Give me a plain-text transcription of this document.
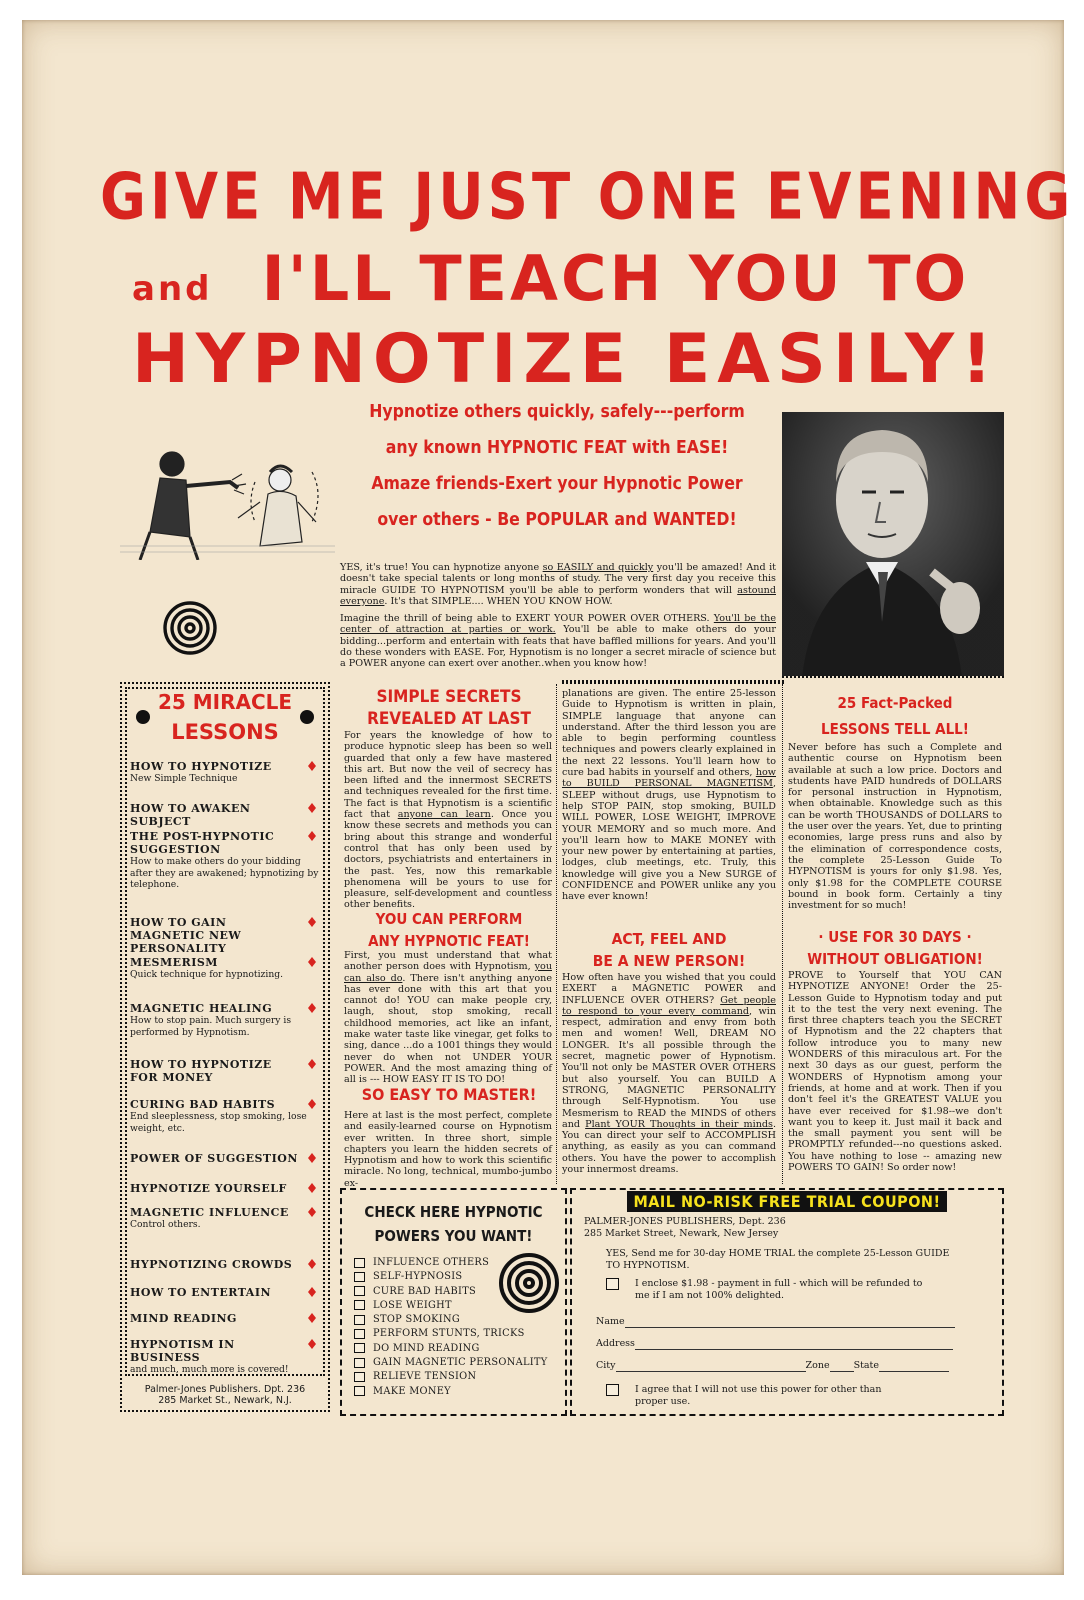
GIVE ME JUST ONE EVENING
and I'LL TEACH YOU TO
HYPNOTIZE EASILY!
Hypnotize others quickly, safely---perform
any known HYPNOTIC FEAT with EASE!
Amaze friends-Exert your Hypnotic Power
over others - Be POPULAR and WANTED!

YES, it's true! You can hypnotize anyone so EASILY and quickly you'll be amazed! And it doesn't take special talents or long months of study. The very first day you receive this miracle GUIDE TO HYPNOTISM you'll be able to perform wonders that will astound everyone. It's that SIMPLE.... WHEN YOU KNOW HOW.

Imagine the thrill of being able to EXERT YOUR POWER OVER OTHERS. You'll be the center of attraction at parties or work. You'll be able to make others do your bidding...perform and entertain with feats that have baffled millions for years. And you'll do these wonders with EASE. For, Hypnotism is no longer a secret miracle of science but a POWER anyone can exert over another..when you know how!

25 MIRACLE
LESSONS
HOW TO HYPNOTIZE
New Simple Technique
HOW TO AWAKEN SUBJECT
THE POST-HYPNOTIC SUGGESTION
How to make others do your bidding after they are awakened; hypnotizing by telephone.
HOW TO GAIN MAGNETIC NEW PERSONALITY
MESMERISM
Quick technique for hypnotizing.
MAGNETIC HEALING
How to stop pain. Much surgery is performed by Hypnotism.
HOW TO HYPNOTIZE FOR MONEY
CURING BAD HABITS
End sleeplessness, stop smoking, lose weight, etc.
POWER OF SUGGESTION
HYPNOTIZE YOURSELF
MAGNETIC INFLUENCE
Control others.
HYPNOTIZING CROWDS
HOW TO ENTERTAIN
MIND READING
HYPNOTISM IN BUSINESS
and much, much more is covered!
Palmer-Jones Publishers. Dpt. 236
285 Market St., Newark, N.J.
SIMPLE SECRETS
REVEALED AT LAST
For years the knowledge of how to produce hypnotic sleep has been so well guarded that only a few have mastered this art. But now the veil of secrecy has been lifted and the innermost SECRETS and techniques revealed for the first time. The fact is that Hypnotism is a scientific fact that anyone can learn. Once you know these secrets and methods you can bring about this strange and wonderful control that has only been used by doctors, psychiatrists and entertainers in the past. Yes, now this remarkable phenomena will be yours to use for pleasure, self-development and countless other benefits.
YOU CAN PERFORM
ANY HYPNOTIC FEAT!
First, you must understand that what another person does with Hypnotism, you can also do. There isn't anything anyone has ever done with this art that you cannot do! YOU can make people cry, laugh, shout, stop smoking, recall childhood memories, act like an infant, make water taste like vinegar, get folks to sing, dance ...do a 1001 things they would never do when not UNDER YOUR POWER. And the most amazing thing of all is --- HOW EASY IT IS TO DO!
SO EASY TO MASTER!
Here at last is the most perfect, complete and easily-learned course on Hypnotism ever written. In three short, simple chapters you learn the hidden secrets of Hypnotism and how to work this scientific miracle. No long, technical, mumbo-jumbo ex-
planations are given. The entire 25-lesson Guide to Hypnotism is written in plain, SIMPLE language that anyone can understand. After the third lesson you are able to begin performing countless techniques and powers clearly explained in the next 22 lessons. You'll learn how to cure bad habits in yourself and others, how to BUILD PERSONAL MAGNETISM, SLEEP without drugs, use Hypnotism to help STOP PAIN, stop smoking, BUILD WILL POWER, LOSE WEIGHT, IMPROVE YOUR MEMORY and so much more. And you'll learn how to MAKE MONEY with your new power by entertaining at parties, lodges, club meetings, etc. Truly, this knowledge will give you a New SURGE of CONFIDENCE and POWER unlike any you have ever known!
ACT, FEEL AND
BE A NEW PERSON!
How often have you wished that you could EXERT a MAGNETIC POWER and INFLUENCE OVER OTHERS? Get people to respond to your every command, win respect, admiration and envy from both men and women! Well, DREAM NO LONGER. It's all possible through the secret, magnetic power of Hypnotism. You'll not only be MASTER OVER OTHERS but also yourself. You can BUILD A STRONG, MAGNETIC PERSONALITY through Self-Hypnotism. You use Mesmerism to READ the MINDS of others and Plant YOUR Thoughts in their minds. You can direct your self to ACCOMPLISH anything, as easily as you can command others. You have the power to accomplish your innermost dreams.
25 Fact-Packed
LESSONS TELL ALL!
Never before has such a Complete and authentic course on Hypnotism been available at such a low price. Doctors and students have PAID hundreds of DOLLARS for personal instruction in Hypnotism, when obtainable. Knowledge such as this can be worth THOUSANDS of DOLLARS to the user over the years. Yet, due to printing economies, large press runs and also by the elimination of correspondence costs, the complete 25-Lesson Guide To HYPNOTISM is yours for only $1.98. Yes, only $1.98 for the COMPLETE COURSE bound in book form. Certainly a tiny investment for so much!
· USE FOR 30 DAYS ·
WITHOUT OBLIGATION!
PROVE to Yourself that YOU CAN HYPNOTIZE ANYONE! Order the 25-Lesson Guide to Hypnotism today and put it to the test the very next evening. The first three chapters teach you the SECRET of Hypnotism and the 22 chapters that follow introduce you to many new WONDERS of this miraculous art. For the next 30 days as our guest, perform the WONDERS of Hypnotism among your friends, at home and at work. Then if you don't feel it's the GREATEST VALUE you have ever received for $1.98--we don't want you to keep it. Just mail it back and the small payment you sent will be PROMPTLY refunded---no questions asked. You have nothing to lose -- amazing new POWERS TO GAIN! So order now!
CHECK HERE HYPNOTIC
POWERS YOU WANT!
INFLUENCE OTHERS
SELF-HYPNOSIS
CURE BAD HABITS
LOSE WEIGHT
STOP SMOKING
PERFORM STUNTS, TRICKS
DO MIND READING
GAIN MAGNETIC PERSONALITY
RELIEVE TENSION
MAKE MONEY
MAIL NO-RISK FREE TRIAL COUPON!
PALMER-JONES PUBLISHERS, Dept. 236
285 Market Street, Newark, New Jersey
YES, Send me for 30-day HOME TRIAL the complete 25-Lesson GUIDE TO HYPNOTISM.
I enclose $1.98 - payment in full - which will be refunded to me if I am not 100% delighted.
Name
Address
City	Zone	State
I agree that I will not use this power for other than proper use.
